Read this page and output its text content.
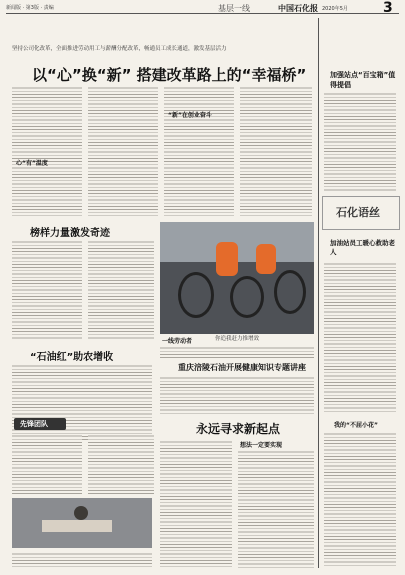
新闻版 · 第3版 · 责编	基层一线	中国石化报 2020年5月	3
坚持公司化改革，全面推进劳动用工与薪酬分配改革，畅通员工成长通道，激发基层活力
以“心”换“新” 搭建改革路上的“幸福桥”
心“有”温度
“新”在创业奋斗
加强站点“百宝箱”值得提倡
石化语丝
加油站员工暖心救助老人
我的“不屈小花”
榜样力量激发奇迹
“石油红”助农增收
一线劳动者	你追我赶力推增效
重庆涪陵石油开展健康知识专题讲座
先锋团队	永远寻求新起点
想法一定要实现
